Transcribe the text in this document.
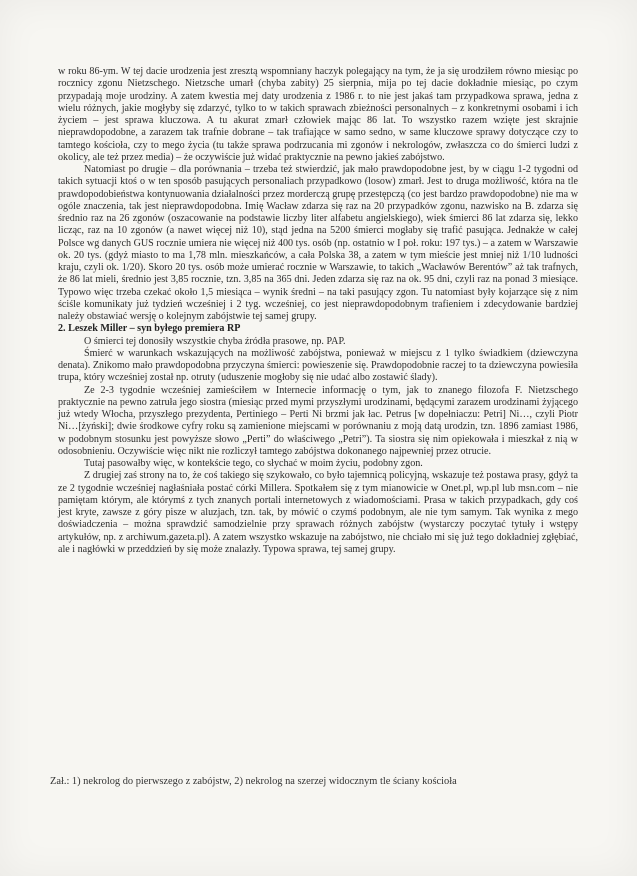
w roku 86-ym. W tej dacie urodzenia jest zresztą wspomniany haczyk polegający na tym, że ja się urodziłem równo miesiąc po rocznicy zgonu Nietzschego. Nietzsche umarł (chyba zabity) 25 sierpnia, mija po tej dacie dokładnie miesiąc, po czym przypadają moje urodziny. A zatem kwestia mej daty urodzenia z 1986 r. to nie jest jakaś tam przypadkowa sprawa, jedna z wielu różnych, jakie mogłyby się zdarzyć, tylko to w takich sprawach zbieżności personalnych – z konkretnymi osobami i ich życiem – jest sprawa kluczowa. A tu akurat zmarł człowiek mając 86 lat. To wszystko razem wzięte jest skrajnie nieprawdopodobne, a zarazem tak trafnie dobrane – tak trafiające w samo sedno, w same kluczowe sprawy dotyczące czy to tamtego kościoła, czy to mego życia (tu także sprawa podrzucania mi zgonów i nekrologów, zwłaszcza co do śmierci ludzi z okolicy, ale też przez media) – że oczywiście już widać praktycznie na pewno jakieś zabójstwo.

Natomiast po drugie – dla porównania – trzeba też stwierdzić, jak mało prawdopodobne jest, by w ciągu 1-2 tygodni od takich sytuacji ktoś o w ten sposób pasujących personaliach przypadkowo (losow) zmarł. Jest to druga możliwość, która na tle prawdopodobieństwa kontynuowania działalności przez morderczą grupę przestępczą (co jest bardzo prawdopodobne) nie ma w ogóle znaczenia, tak jest nieprawdopodobna. Imię Wacław zdarza się raz na 20 przypadków zgonu, nazwisko na B. zdarza się średnio raz na 26 zgonów (oszacowanie na podstawie liczby liter alfabetu angielskiego), wiek śmierci 86 lat zdarza się, lekko licząc, raz na 10 zgonów (a nawet więcej niż 10), stąd jedna na 5200 śmierci mogłaby się trafić pasująca. Jednakże w całej Polsce wg danych GUS rocznie umiera nie więcej niż 400 tys. osób (np. ostatnio w I poł. roku: 197 tys.) – a zatem w Warszawie ok. 20 tys. (gdyż miasto to ma 1,78 mln. mieszkańców, a cała Polska 38, a zatem w tym mieście jest mniej niż 1/10 ludności kraju, czyli ok. 1/20). Skoro 20 tys. osób może umierać rocznie w Warszawie, to takich „Wacławów Berentów” aż tak trafnych, że 86 lat mieli, średnio jest 3,85 rocznie, tzn. 3,85 na 365 dni. Jeden zdarza się raz na ok. 95 dni, czyli raz na ponad 3 miesiące. Typowo więc trzeba czekać około 1,5 miesiąca – wynik średni – na taki pasujący zgon. Tu natomiast były kojarzące się z nim ściśle komunikaty już tydzień wcześniej i 2 tyg. wcześniej, co jest nieprawdopodobnym trafieniem i zdecydowanie bardziej należy obstawiać wersję o kolejnym zabójstwie tej samej grupy.

2. Leszek Miller – syn byłego premiera RP

O śmierci tej donosiły wszystkie chyba źródła prasowe, np. PAP.

Śmierć w warunkach wskazujących na możliwość zabójstwa, ponieważ w miejscu z 1 tylko świadkiem (dziewczyna denata). Znikomo mało prawdopodobna przyczyna śmierci: powieszenie się. Prawdopodobnie raczej to ta dziewczyna powiesiła trupa, który wcześniej został np. otruty (uduszenie mogłoby się nie udać albo zostawić ślady).

Ze 2-3 tygodnie wcześniej zamieściłem w Internecie informację o tym, jak to znanego filozofa F. Nietzschego praktycznie na pewno zatruła jego siostra (miesiąc przed mymi przyszłymi urodzinami, będącymi zarazem urodzinami żyjącego już wtedy Włocha, przyszłego prezydenta, Pertiniego – Perti Ni brzmi jak łac. Petrus [w dopełniaczu: Petri] Ni…, czyli Piotr Ni…[żyński]; dwie środkowe cyfry roku są zamienione miejscami w porównaniu z moją datą urodzin, tzn. 1896 zamiast 1986, w podobnym stosunku jest powyższe słowo „Perti” do właściwego „Petri”). Ta siostra się nim opiekowała i mieszkał z nią w odosobnieniu. Oczywiście więc nikt nie rozliczył tamtego zabójstwa dokonanego najpewniej przez otrucie.

Tutaj pasowałby więc, w kontekście tego, co słychać w moim życiu, podobny zgon.

Z drugiej zaś strony na to, że coś takiego się szykowało, co było tajemnicą policyjną, wskazuje też postawa prasy, gdyż ta ze 2 tygodnie wcześniej nagłaśniała postać córki Millera. Spotkałem się z tym mianowicie w Onet.pl, wp.pl lub msn.com – nie pamiętam którym, ale którymś z tych znanych portali internetowych z wiadomościami. Prasa w takich przypadkach, gdy coś jest kryte, zawsze z góry pisze w aluzjach, tzn. tak, by mówić o czymś podobnym, ale nie tym samym. Tak wynika z mego doświadczenia – można sprawdzić samodzielnie przy sprawach różnych zabójstw (wystarczy poczytać tytuły i wstępy artykułów, np. z archiwum.gazeta.pl). A zatem wszystko wskazuje na zabójstwo, nie chciało mi się już tego dokładniej zgłębiać, ale i nagłówki w przeddzień by się może znalazły. Typowa sprawa, tej samej grupy.

Zał.: 1) nekrolog do pierwszego z zabójstw, 2) nekrolog na szerzej widocznym tle ściany kościoła
